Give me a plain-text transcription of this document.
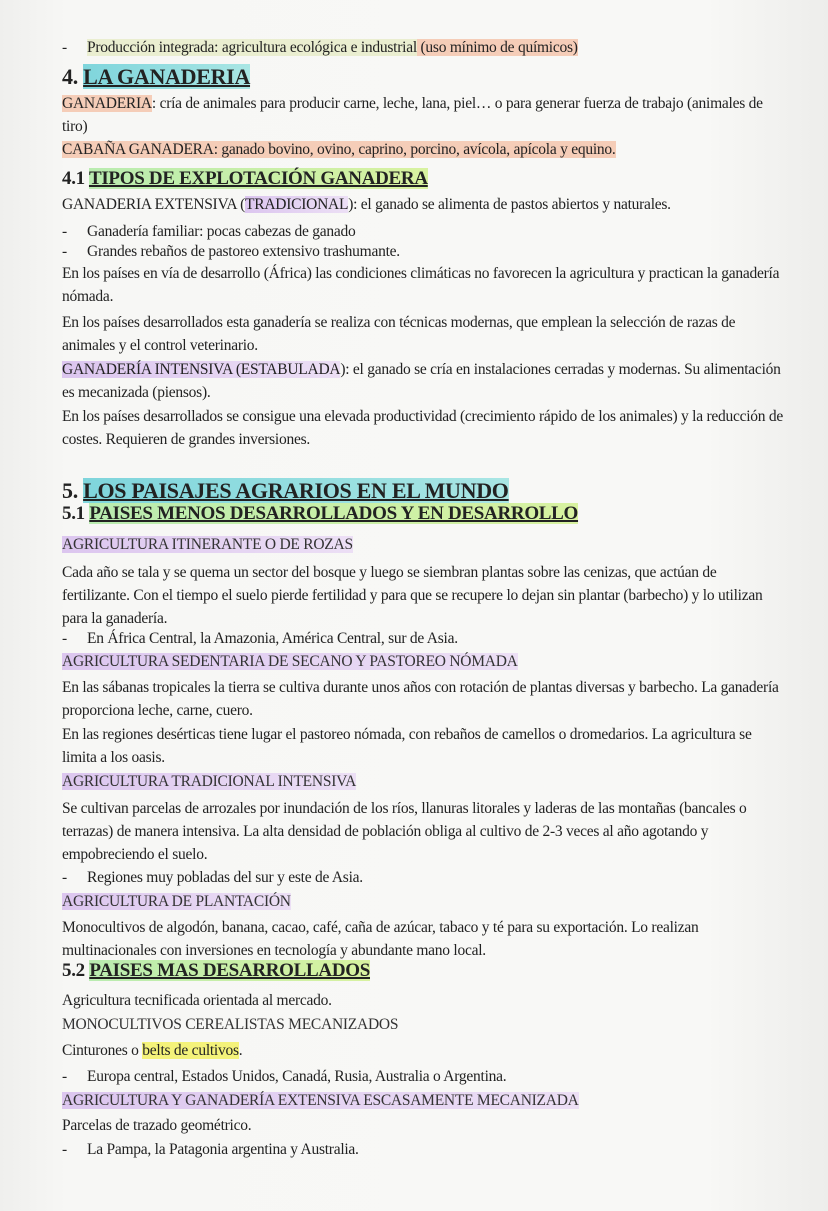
- Producción integrada: agricultura ecológica e industrial (uso mínimo de químicos)
4. LA GANADERIA
GANADERIA: cría de animales para producir carne, leche, lana, piel… o para generar fuerza de trabajo (animales de tiro)
CABAÑA GANADERA: ganado bovino, ovino, caprino, porcino, avícola, apícola y equino.
4.1 TIPOS DE EXPLOTACIÓN GANADERA
GANADERIA EXTENSIVA (TRADICIONAL): el ganado se alimenta de pastos abiertos y naturales.
- Ganadería familiar: pocas cabezas de ganado
- Grandes rebaños de pastoreo extensivo trashumante.
En los países en vía de desarrollo (África) las condiciones climáticas no favorecen la agricultura y practican la ganadería nómada.
En los países desarrollados esta ganadería se realiza con técnicas modernas, que emplean la selección de razas de animales y el control veterinario.
GANADERÍA INTENSIVA (ESTABULADA): el ganado se cría en instalaciones cerradas y modernas. Su alimentación es mecanizada (piensos).
En los países desarrollados se consigue una elevada productividad (crecimiento rápido de los animales) y la reducción de costes. Requieren de grandes inversiones.
5. LOS PAISAJES AGRARIOS EN EL MUNDO
5.1 PAISES MENOS DESARROLLADOS Y EN DESARROLLO
AGRICULTURA ITINERANTE O DE ROZAS
Cada año se tala y se quema un sector del bosque y luego se siembran plantas sobre las cenizas, que actúan de fertilizante. Con el tiempo el suelo pierde fertilidad y para que se recupere lo dejan sin plantar (barbecho) y lo utilizan para la ganadería.
- En África Central, la Amazonia, América Central, sur de Asia.
AGRICULTURA SEDENTARIA DE SECANO Y PASTOREO NÓMADA
En las sábanas tropicales la tierra se cultiva durante unos años con rotación de plantas diversas y barbecho. La ganadería proporciona leche, carne, cuero.
En las regiones desérticas tiene lugar el pastoreo nómada, con rebaños de camellos o dromedarios. La agricultura se limita a los oasis.
AGRICULTURA TRADICIONAL INTENSIVA
Se cultivan parcelas de arrozales por inundación de los ríos, llanuras litorales y laderas de las montañas (bancales o terrazas) de manera intensiva. La alta densidad de población obliga al cultivo de 2-3 veces al año agotando y empobreciendo el suelo.
- Regiones muy pobladas del sur y este de Asia.
AGRICULTURA DE PLANTACIÓN
Monocultivos de algodón, banana, cacao, café, caña de azúcar, tabaco y té para su exportación. Lo realizan multinacionales con inversiones en tecnología y abundante mano local.
5.2 PAISES MAS DESARROLLADOS
Agricultura tecnificada orientada al mercado.
MONOCULTIVOS CEREALISTAS MECANIZADOS
Cinturones o belts de cultivos.
- Europa central, Estados Unidos, Canadá, Rusia, Australia o Argentina.
AGRICULTURA Y GANADERÍA EXTENSIVA ESCASAMENTE MECANIZADA
Parcelas de trazado geométrico.
- La Pampa, la Patagonia argentina y Australia.
